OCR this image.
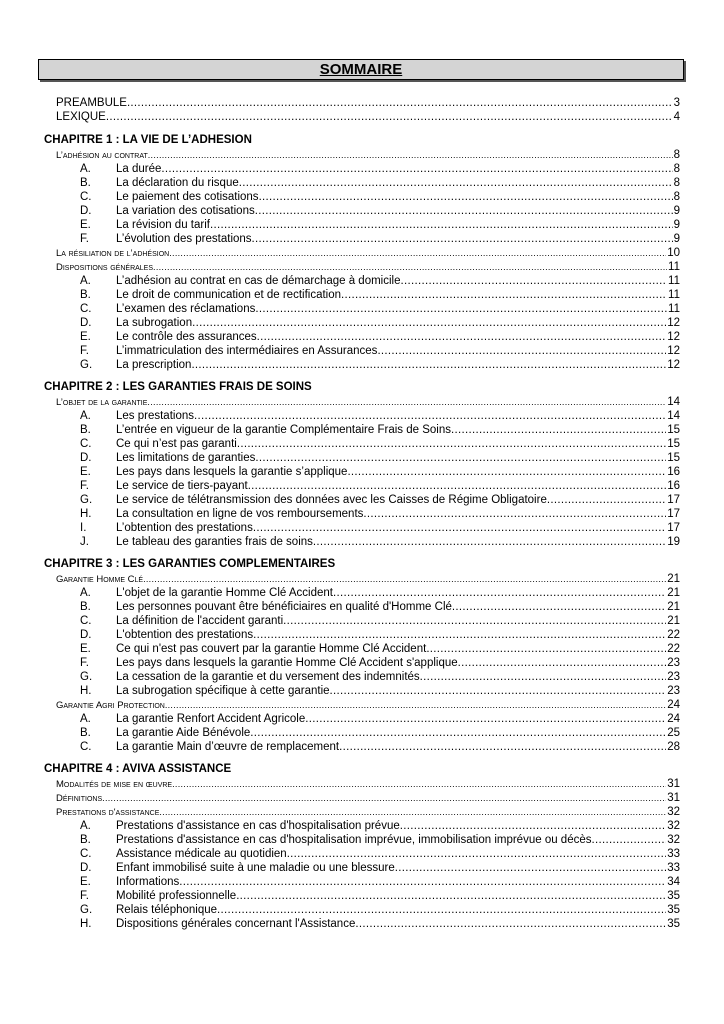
SOMMAIRE
PREAMBULE .....	3
LEXIQUE .....	4
CHAPITRE 1 : LA VIE DE L’ADHESION
L’adhésion au contrat .....	8
A.	La durée .....	8
B.	La déclaration du risque .....	8
C.	Le paiement des cotisations .....	8
D.	La variation des cotisations .....	9
E.	La révision du tarif .....	9
F.	L’évolution des prestations .....	9
La résiliation de l’adhésion .....	10
Dispositions générales .....	11
A.	L’adhésion au contrat en cas de démarchage à domicile .....	11
B.	Le droit de communication et de rectification .....	11
C.	L’examen des réclamations .....	11
D.	La subrogation .....	12
E.	Le contrôle des assurances .....	12
F.	L’immatriculation des intermédiaires en Assurances .....	12
G.	La prescription .....	12
CHAPITRE 2 : LES GARANTIES FRAIS DE SOINS
L’objet de la garantie .....	14
A.	Les prestations .....	14
B.	L’entrée en vigueur de la garantie Complémentaire Frais de Soins .....	15
C.	Ce qui n’est pas garanti .....	15
D.	Les limitations de garanties .....	15
E.	Les pays dans lesquels la garantie s’applique .....	16
F.	Le service de tiers-payant .....	16
G.	Le service de télétransmission des données avec les Caisses de Régime Obligatoire .....	17
H.	La consultation en ligne de vos remboursements .....	17
I.	L’obtention des prestations .....	17
J.	Le tableau des garanties frais de soins .....	19
CHAPITRE 3 : LES GARANTIES COMPLEMENTAIRES
Garantie Homme Clé .....	21
A.	L'objet de la garantie Homme Clé Accident .....	21
B.	Les personnes pouvant être bénéficiaires en qualité d'Homme Clé .....	21
C.	La définition de l'accident garanti .....	21
D.	L'obtention des prestations .....	22
E.	Ce qui n'est pas couvert par la garantie Homme Clé Accident .....	22
F.	Les pays dans lesquels la garantie Homme Clé Accident s'applique .....	23
G.	La cessation de la garantie et du versement des indemnités .....	23
H.	La subrogation spécifique à cette garantie .....	23
Garantie Agri Protection .....	24
A.	La garantie Renfort Accident Agricole .....	24
B.	La garantie Aide Bénévole .....	25
C.	La garantie Main d’œuvre de remplacement .....	28
CHAPITRE 4 : AVIVA ASSISTANCE
Modalités de mise en œuvre .....	31
Définitions .....	31
Prestations d'assistance .....	32
A.	Prestations d'assistance en cas d'hospitalisation prévue .....	32
B.	Prestations d'assistance en cas d'hospitalisation imprévue, immobilisation imprévue ou décès .....	32
C.	Assistance médicale au quotidien .....	33
D.	Enfant immobilisé suite à une maladie ou une blessure .....	33
E.	Informations .....	34
F.	Mobilité professionnelle .....	35
G.	Relais téléphonique .....	35
H.	Dispositions générales concernant l'Assistance .....	35
